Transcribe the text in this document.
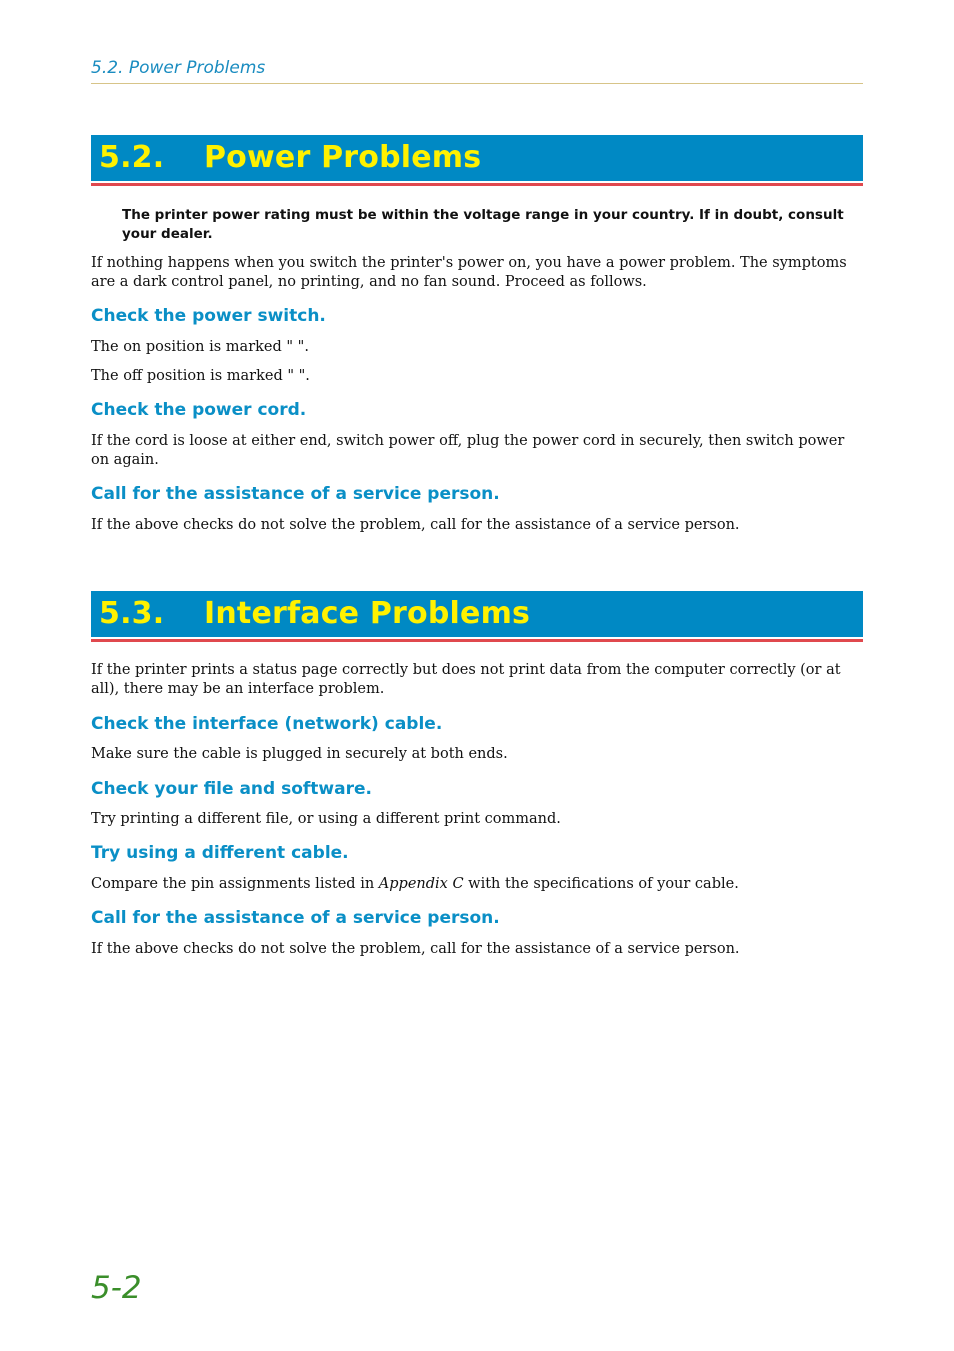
5.2. Power Problems
5.2. Power Problems
The printer power rating must be within the voltage range in your country. If in doubt, consult your dealer.
If nothing happens when you switch the printer's power on, you have a power problem. The symptoms are a dark control panel, no printing, and no fan sound. Proceed as follows.
Check the power switch.
The on position is marked " ".
The off position is marked " ".
Check the power cord.
If the cord is loose at either end, switch power off, plug the power cord in securely, then switch power on again.
Call for the assistance of a service person.
If the above checks do not solve the problem, call for the assistance of a service person.
5.3. Interface Problems
If the printer prints a status page correctly but does not print data from the computer correctly (or at all), there may be an interface problem.
Check the interface (network) cable.
Make sure the cable is plugged in securely at both ends.
Check your file and software.
Try printing a different file, or using a different print command.
Try using a different cable.
Compare the pin assignments listed in Appendix C with the specifications of your cable.
Call for the assistance of a service person.
If the above checks do not solve the problem, call for the assistance of a service person.
5-2
